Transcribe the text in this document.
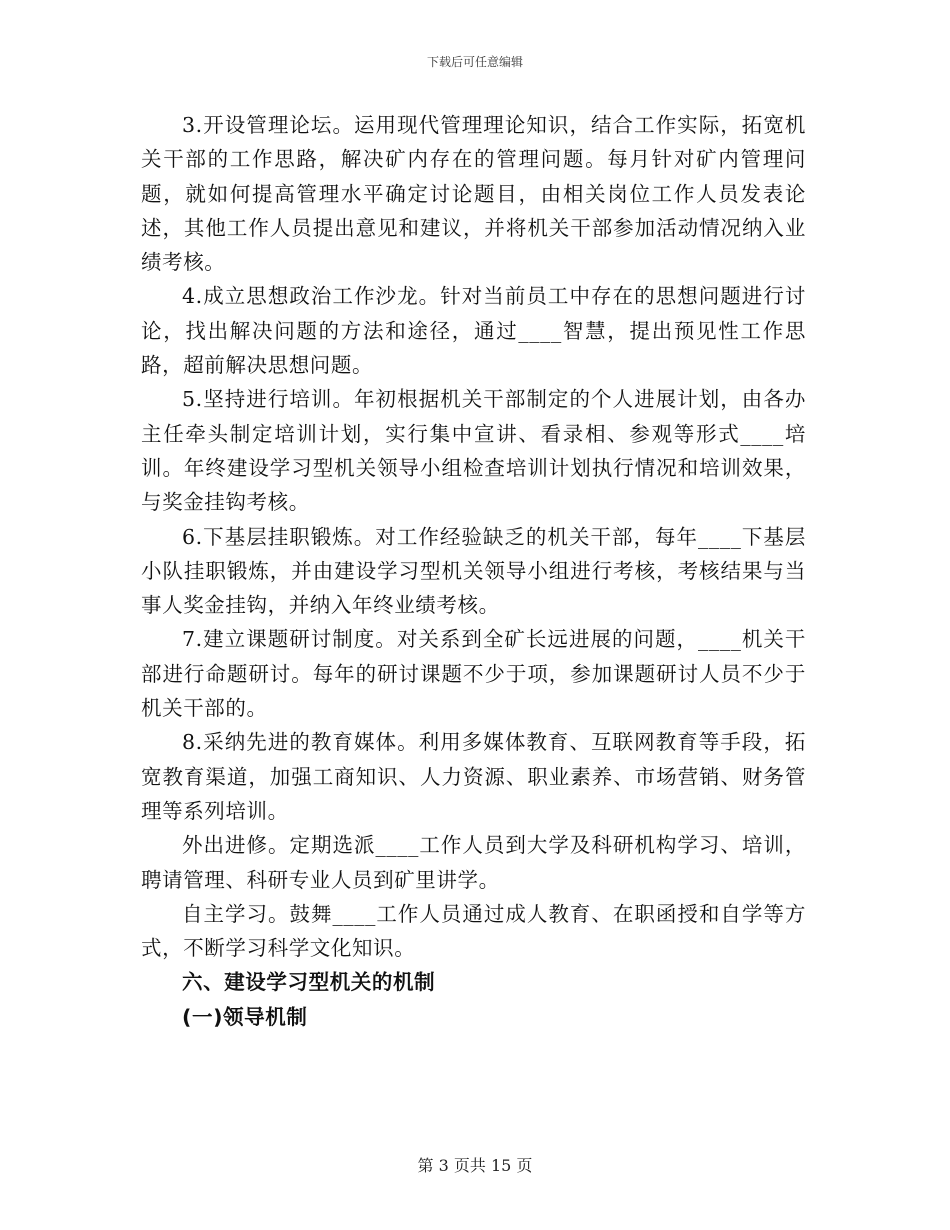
下载后可任意编辑

3.开设管理论坛。运用现代管理理论知识，结合工作实际，拓宽机关干部的工作思路，解决矿内存在的管理问题。每月针对矿内管理问题，就如何提高管理水平确定讨论题目，由相关岗位工作人员发表论述，其他工作人员提出意见和建议，并将机关干部参加活动情况纳入业绩考核。

4.成立思想政治工作沙龙。针对当前员工中存在的思想问题进行讨论，找出解决问题的方法和途径，通过____智慧，提出预见性工作思路，超前解决思想问题。

5.坚持进行培训。年初根据机关干部制定的个人进展计划，由各办主任牵头制定培训计划，实行集中宣讲、看录相、参观等形式____培训。年终建设学习型机关领导小组检查培训计划执行情况和培训效果，与奖金挂钩考核。

6.下基层挂职锻炼。对工作经验缺乏的机关干部，每年____下基层小队挂职锻炼，并由建设学习型机关领导小组进行考核，考核结果与当事人奖金挂钩，并纳入年终业绩考核。

7.建立课题研讨制度。对关系到全矿长远进展的问题，____机关干部进行命题研讨。每年的研讨课题不少于项，参加课题研讨人员不少于机关干部的。

8.采纳先进的教育媒体。利用多媒体教育、互联网教育等手段，拓宽教育渠道，加强工商知识、人力资源、职业素养、市场营销、财务管理等系列培训。

外出进修。定期选派____工作人员到大学及科研机构学习、培训，聘请管理、科研专业人员到矿里讲学。

自主学习。鼓舞____工作人员通过成人教育、在职函授和自学等方式，不断学习科学文化知识。

六、建设学习型机关的机制

(一)领导机制

第 3 页共 15 页
